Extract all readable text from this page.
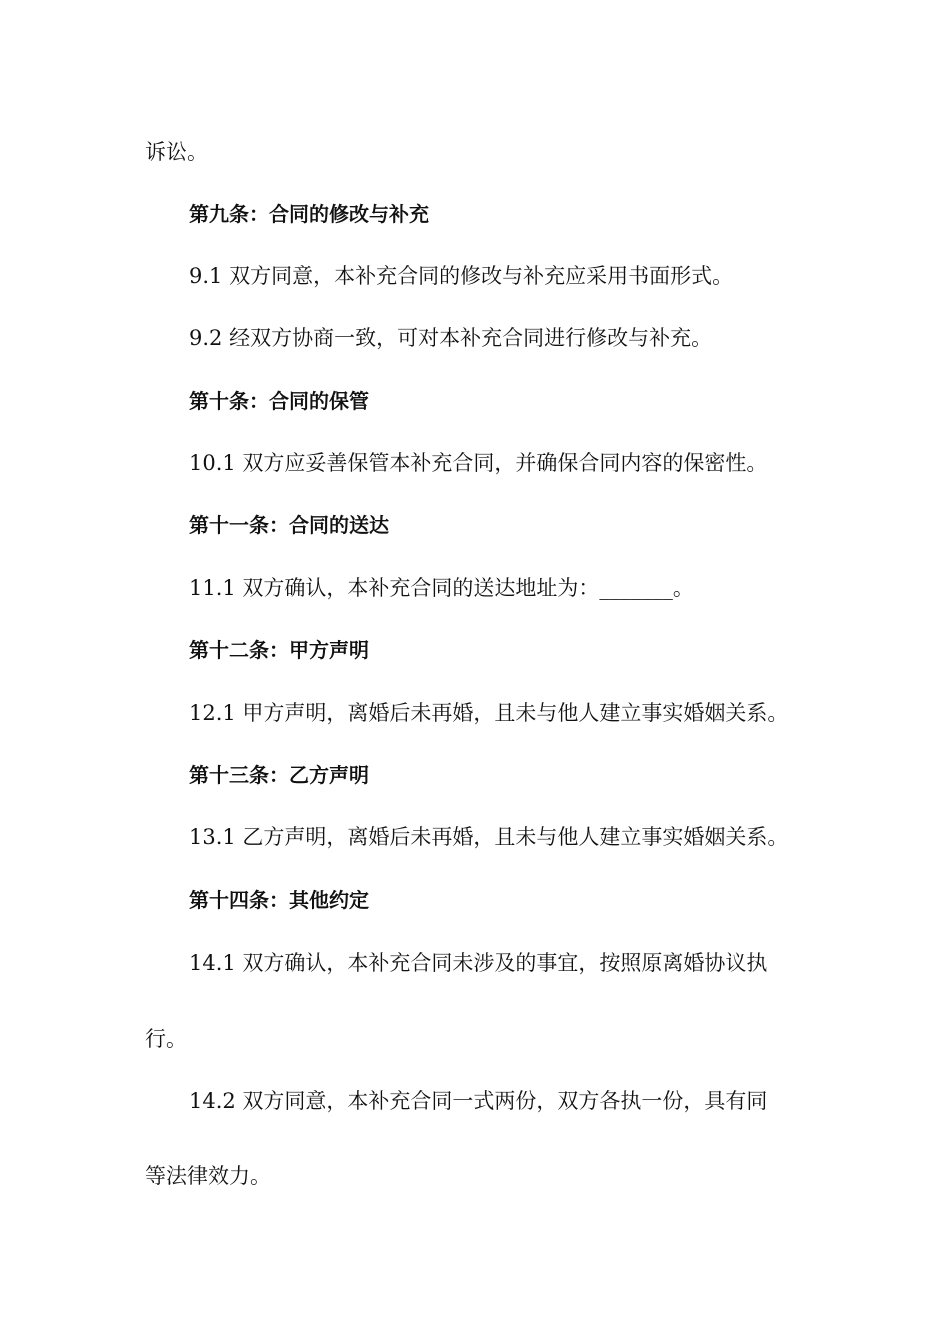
诉讼。
第九条：合同的修改与补充
9.1 双方同意，本补充合同的修改与补充应采用书面形式。
9.2 经双方协商一致，可对本补充合同进行修改与补充。
第十条：合同的保管
10.1 双方应妥善保管本补充合同，并确保合同内容的保密性。
第十一条：合同的送达
11.1 双方确认，本补充合同的送达地址为：_______。
第十二条：甲方声明
12.1 甲方声明，离婚后未再婚，且未与他人建立事实婚姻关系。
第十三条：乙方声明
13.1 乙方声明，离婚后未再婚，且未与他人建立事实婚姻关系。
第十四条：其他约定
14.1 双方确认，本补充合同未涉及的事宜，按照原离婚协议执
行。
14.2 双方同意，本补充合同一式两份，双方各执一份，具有同
等法律效力。
